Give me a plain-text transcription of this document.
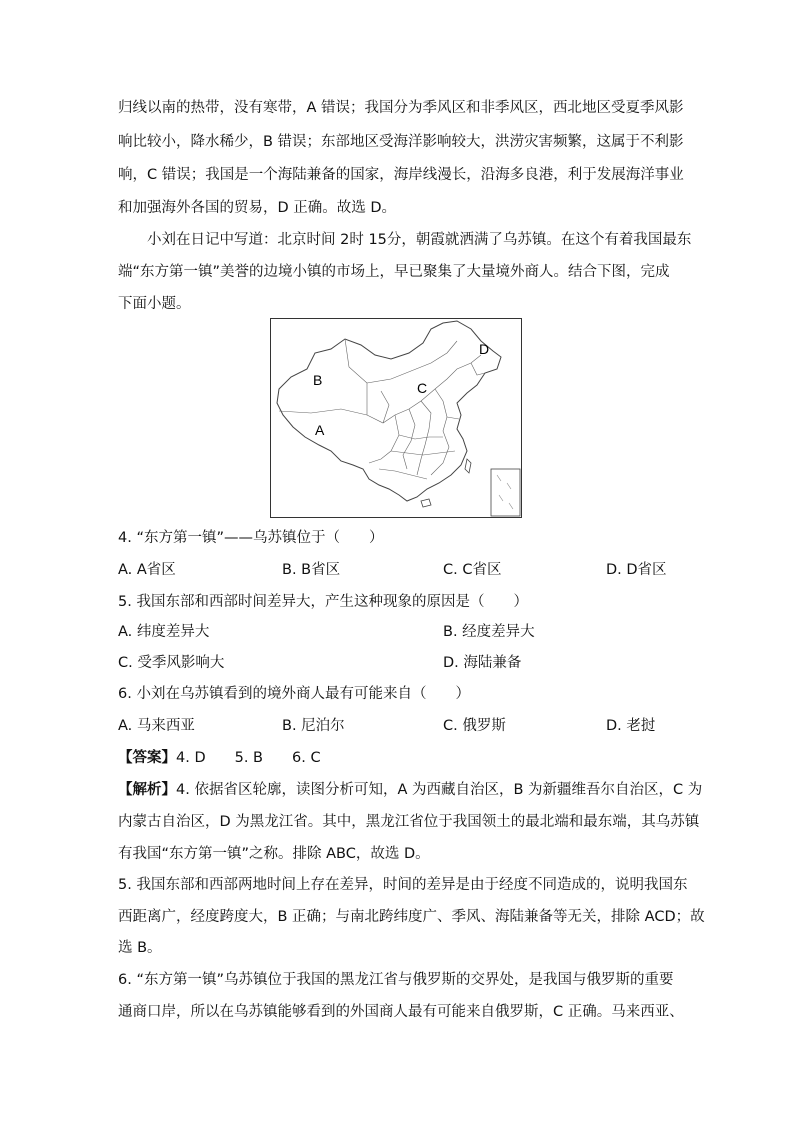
归线以南的热带，没有寒带，A 错误；我国分为季风区和非季风区，西北地区受夏季风影
响比较小，降水稀少，B 错误；东部地区受海洋影响较大，洪涝灾害频繁，这属于不利影
响，C 错误；我国是一个海陆兼备的国家，海岸线漫长，沿海多良港，利于发展海洋事业
和加强海外各国的贸易，D 正确。故选 D。
小刘在日记中写道：北京时间 2时 15分，朝霞就洒满了乌苏镇。在这个有着我国最东
端“东方第一镇”美誉的边境小镇的市场上，早已聚集了大量境外商人。结合下图，完成
下面小题。
B
A
C
D
4. “东方第一镇”——乌苏镇位于（　　）
A. A省区	B. B省区	C. C省区	D. D省区
5. 我国东部和西部时间差异大，产生这种现象的原因是（　　）
A. 纬度差异大	B. 经度差异大
C. 受季风影响大	D. 海陆兼备
6. 小刘在乌苏镇看到的境外商人最有可能来自（　　）
A. 马来西亚	B. 尼泊尔	C. 俄罗斯	D. 老挝
【答案】4. D　　5. B　　6. C
【解析】4. 依据省区轮廓，读图分析可知，A 为西藏自治区，B 为新疆维吾尔自治区，C 为
内蒙古自治区，D 为黑龙江省。其中，黑龙江省位于我国领土的最北端和最东端，其乌苏镇
有我国“东方第一镇”之称。排除 ABC，故选 D。
5. 我国东部和西部两地时间上存在差异，时间的差异是由于经度不同造成的，说明我国东
西距离广，经度跨度大，B 正确；与南北跨纬度广、季风、海陆兼备等无关，排除 ACD；故
选 B。
6. “东方第一镇”乌苏镇位于我国的黑龙江省与俄罗斯的交界处，是我国与俄罗斯的重要
通商口岸，所以在乌苏镇能够看到的外国商人最有可能来自俄罗斯，C 正确。马来西亚、
